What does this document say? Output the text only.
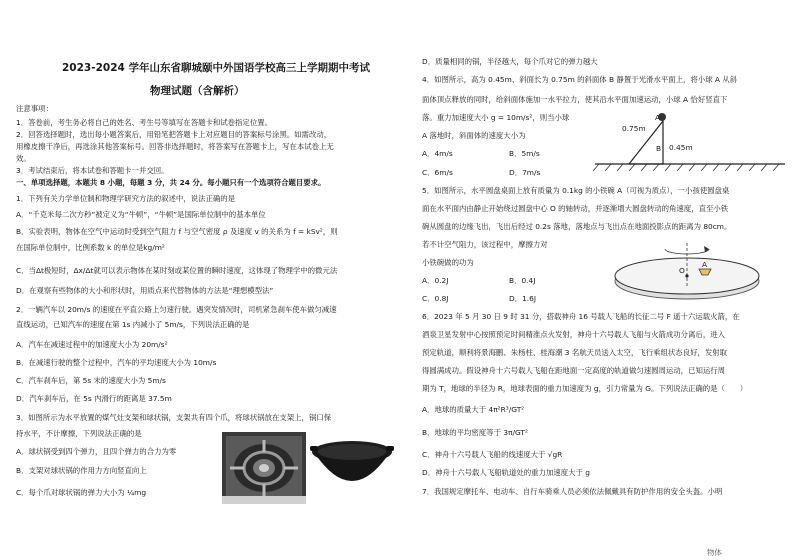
2023-2024 学年山东省聊城颐中外国语学校高三上学期期中考试
物理试题（含解析）
注意事项：
1．答卷前，考生务必将自己的姓名、考生号等填写在答题卡和试卷指定位置。
2．回答选择题时，选出每小题答案后，用铅笔把答题卡上对应题目的答案标号涂黑。如需改动，
用橡皮擦干净后，再选涂其他答案标号。回答非选择题时，将答案写在答题卡上，写在本试卷上无
效。
3．考试结束后，将本试卷和答题卡一并交回。
一、单项选择题，本题共 8 小题，每题 3 分，共 24 分。每小题只有一个选项符合题目要求。
1．下列有关力学单位制和物理学研究方法的叙述中，说法正确的是
A．“千克米每二次方秒”被定义为“牛顿”，“牛顿”是国际单位制中的基本单位
B．实验表明，物体在空气中运动时受到空气阻力 f 与空气密度 ρ 及速度 v 的关系为 f = kSv²，则
在国际单位制中，比例系数 k 的单位是kg/m²
C．当Δt极短时，Δx/Δt就可以表示物体在某时刻或某位置的瞬时速度，这体现了物理学中的微元法
D．在观察有些物体的大小和形状时，用质点来代替物体的方法是“理想模型法”
2．一辆汽车以 20m/s 的速度在平直公路上匀速行驶。遇突发情况时，司机紧急刹车使车做匀减速
直线运动，已知汽车的速度在第 1s 内减小了 5m/s，下列说法正确的是
A．汽车在减速过程中的加速度大小为 20m/s²
B．在减速行驶的整个过程中，汽车的平均速度大小为 10m/s
C．汽车刹车后，第 5s 末的速度大小为 5m/s
D．汽车刹车后，在 5s 内滑行的距离是 37.5m
3．如图所示为水平放置的煤气灶支架和球状锅，支架共有四个爪，将球状锅放在支架上，锅口保
持水平，不计摩擦，下列说法正确的是
A．球状锅受到四个弹力，且四个弹力的合力为零
B．支架对球状锅的作用力方向竖直向上
C．每个爪对球状锅的弹力大小为 ¼mg
D．质量相同的锅，半径越大，每个爪对它的弹力越大
4．如图所示，高为 0.45m、斜面长为 0.75m 的斜面体 B 静置于光滑水平面上，将小球 A 从斜
面体顶点释放的同时，给斜面体施加一水平拉力，使其沿水平面加速运动，小球 A 恰好竖直下
落。重力加速度大小 g = 10m/s²，则当小球
A 落地时，斜面体的速度大小为
A．4m/s	B．5m/s
C．6m/s	D．7m/s
0.75m
0.45m
A
B
5．如图所示，水平圆盘桌面上放有质量为 0.1kg 的小铁碗 A（可视为质点），一小孩使圆盘桌
面在水平面内由静止开始绕过圆盘中心 O 的轴转动，并逐渐增大圆盘转动的角速度，直至小铁
碗从圆盘的边缘飞出，飞出后经过 0.2s 落地，落地点与飞出点在地面投影点的距离为 80cm。
若不计空气阻力，该过程中，摩擦力对
小铁碗做的功为
A．0.2J	B．0.4J
C．0.8J	D．1.6J
O
A
6．2023 年 5 月 30 日 9 时 31 分，搭载神舟 16 号载人飞船的长征二号 F 遥十六运载火箭，在
酒泉卫星发射中心按照预定时间精准点火发射，神舟十六号载人飞船与火箭成功分离后，进入
预定轨道，顺利将景海鹏、朱杨柱、桂海潮 3 名航天员送入太空，飞行乘组状态良好，发射取
得圆满成功。假设神舟十六号载人飞船在距地面一定高度的轨道做匀速圆周运动，已知运行周
期为 T，地球的半径为 R，地球表面的重力加速度为 g，引力常量为 G。下列说法正确的是（　　）
A．地球的质量大于 4π²R³/GT²
B．地球的平均密度等于 3π/GT²
C．神舟十六号载人飞船的线速度大于 √gR
D．神舟十六号载人飞船轨道处的重力加速度大于 g
7．我国规定摩托车、电动车、自行车骑乘人员必须依法佩戴具有防护作用的安全头盔。小明
物体
